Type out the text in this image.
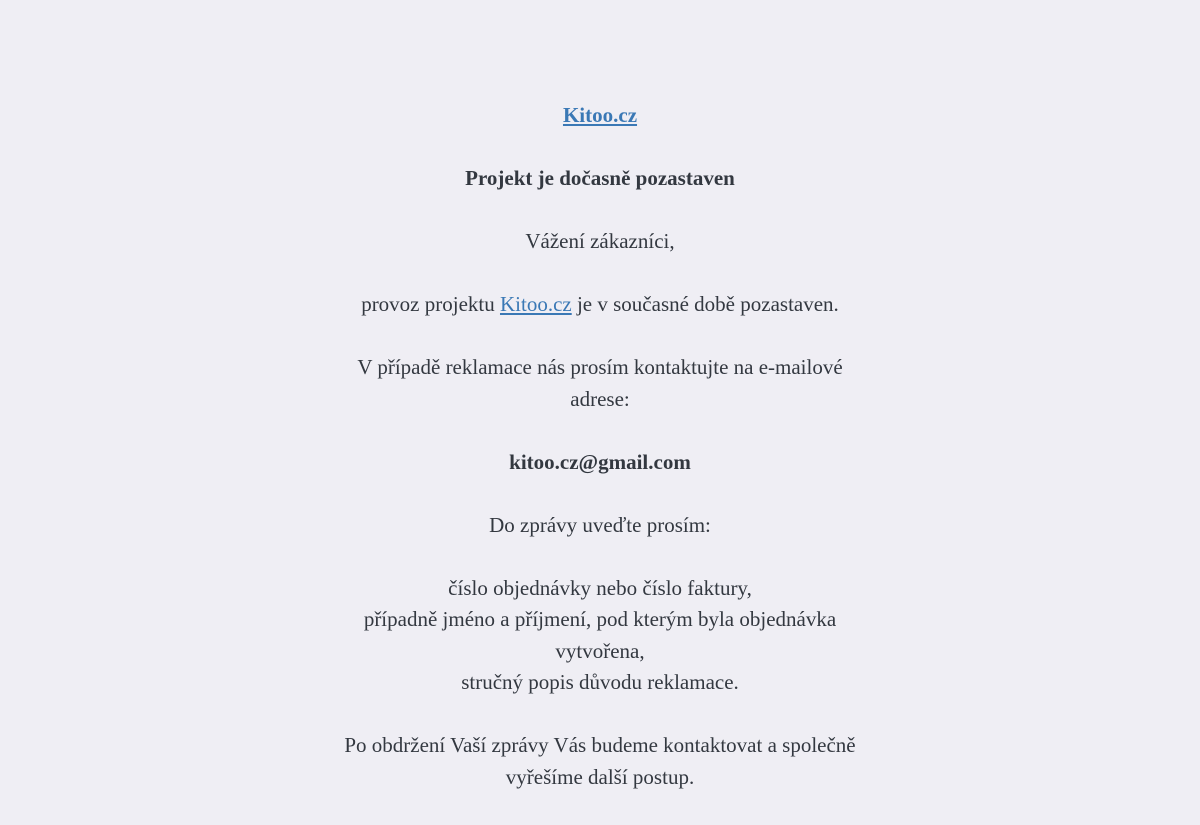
Kitoo.cz

Projekt je dočasně pozastaven

Vážení zákazníci,

provoz projektu Kitoo.cz je v současné době pozastaven.

V případě reklamace nás prosím kontaktujte na e-mailové adrese:

kitoo.cz@gmail.com

Do zprávy uveďte prosím:

číslo objednávky nebo číslo faktury,
případně jméno a příjmení, pod kterým byla objednávka vytvořena,
stručný popis důvodu reklamace.

Po obdržení Vaší zprávy Vás budeme kontaktovat a společně vyřešíme další postup.
